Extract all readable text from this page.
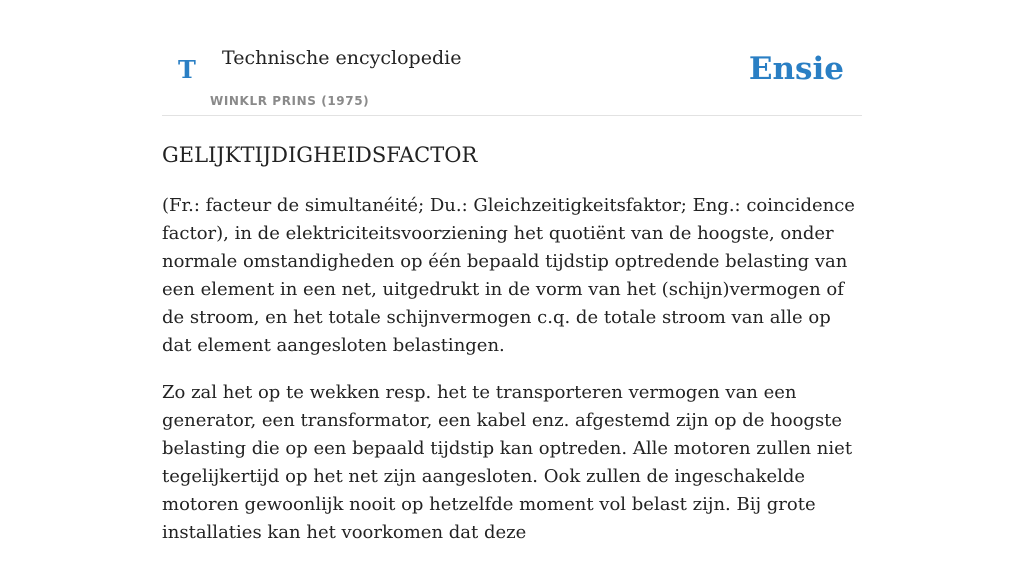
T Technische encyclopedie
WINKLR PRINS (1975)
Ensie
GELIJKTIJDIGHEIDSFACTOR

(Fr.: facteur de simultanéité; Du.: Gleichzeitigkeitsfaktor; Eng.: coincidence factor), in de elektriciteitsvoorziening het quotiënt van de hoogste, onder normale omstandigheden op één bepaald tijdstip optredende belasting van een element in een net, uitgedrukt in de vorm van het (schijn)vermogen of de stroom, en het totale schijnvermogen c.q. de totale stroom van alle op dat element aangesloten belastingen.

Zo zal het op te wekken resp. het te transporteren vermogen van een generator, een transformator, een kabel enz. afgestemd zijn op de hoogste belasting die op een bepaald tijdstip kan optreden. Alle motoren zullen niet tegelijkertijd op het net zijn aangesloten. Ook zullen de ingeschakelde motoren gewoonlijk nooit op hetzelfde moment vol belast zijn. Bij grote installaties kan het voorkomen dat deze
